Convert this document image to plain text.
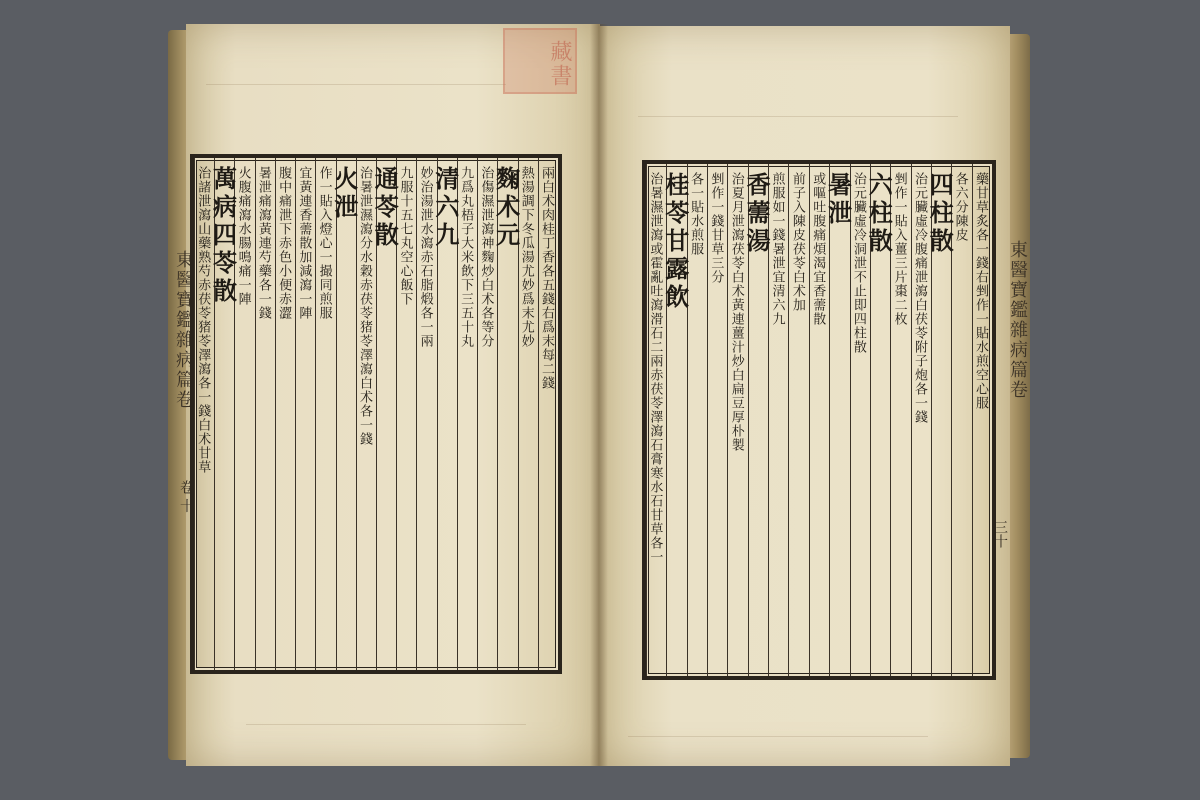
藏書
東醫寶鑑雜病篇卷
卷 十
東醫寶鑑雜病篇卷
三十
兩白术肉桂丁香各五錢右爲末每二錢
熱湯調下冬瓜湯尤妙爲末尤妙
麴术元
治傷濕泄瀉神麴炒白术各等分
九爲丸梧子大米飲下三五十丸
清六九
妙治湯泄水瀉赤石脂煅各一兩
九服十五七丸空心飯下
通苓散
治暑泄濕瀉分水穀赤茯苓猪苓澤瀉白术各一錢
火泄
作一貼入燈心一撮同煎服
宜黃連香薷散加減瀉一陣
腹中痛泄下赤色小便赤澀
暑泄痛瀉黃連芍藥各一錢
火腹痛瀉水腸鳴痛一陣
萬病四苓散
治諸泄瀉山藥熟芍赤茯苓猪苓澤瀉各一錢白术甘草	藥甘草炙各一錢右剉作一貼水煎空心服
各六分陳皮
四柱散
治元臟虛冷腹痛泄瀉白茯苓附子炮各一錢
剉作一貼入薑三片棗二枚
六柱散
治元臟虛冷洞泄不止即四柱散
暑泄
或嘔吐腹痛煩渴宜香薷散
前子入陳皮茯苓白术加
煎服如一錢暑泄宜清六九
香薷湯
治夏月泄瀉茯苓白术黃連薑汁炒白扁豆厚朴製
剉作一錢甘草三分
各一貼水煎服
桂苓甘露飲
治暑濕泄瀉或霍亂吐瀉滑石二兩赤茯苓澤瀉石膏寒水石甘草各一
